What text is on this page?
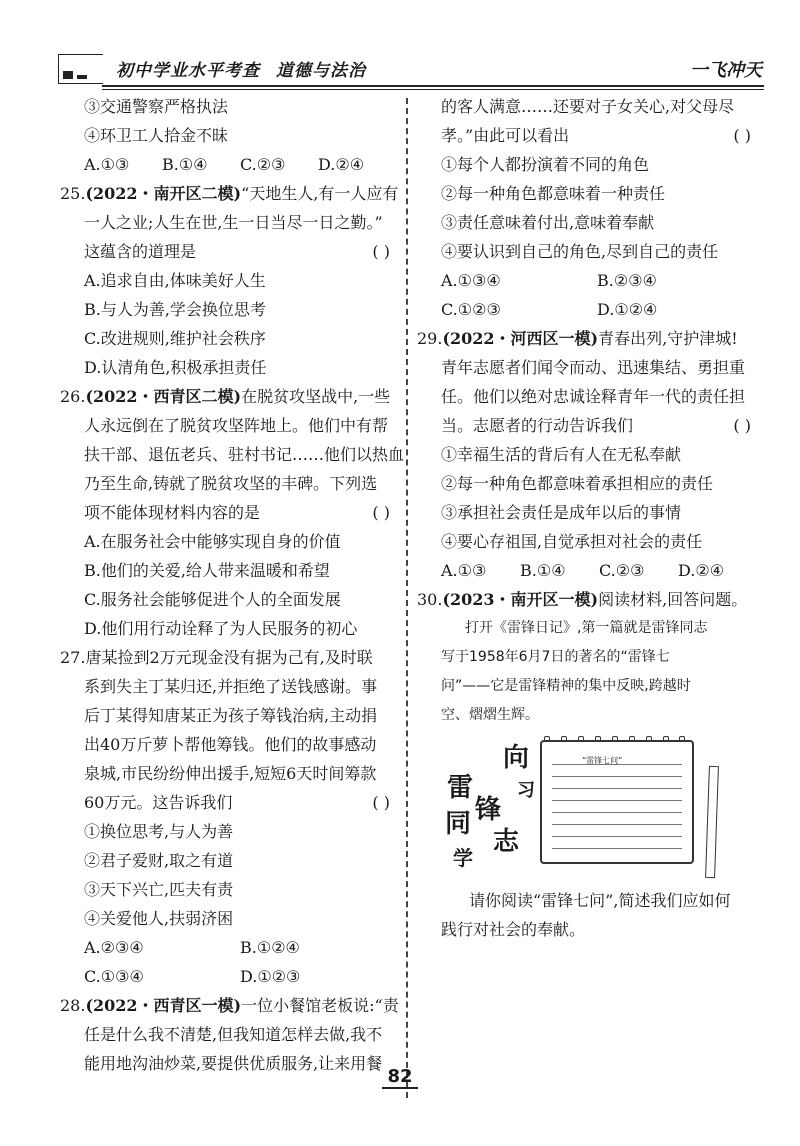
初中学业水平考查 道德与法治	一飞冲天
③交通警察严格执法
④环卫工人拾金不昧
A.①③	B.①④	C.②③	D.②④
25.(2022・南开区二模)“天地生人,有一人应有
一人之业;人生在世,生一日当尽一日之勤。”
这蕴含的道理是	( )
A.追求自由,体味美好人生
B.与人为善,学会换位思考
C.改进规则,维护社会秩序
D.认清角色,积极承担责任
26.(2022・西青区二模)在脱贫攻坚战中,一些
人永远倒在了脱贫攻坚阵地上。他们中有帮
扶干部、退伍老兵、驻村书记……他们以热血
乃至生命,铸就了脱贫攻坚的丰碑。下列选
项不能体现材料内容的是	( )
A.在服务社会中能够实现自身的价值
B.他们的关爱,给人带来温暖和希望
C.服务社会能够促进个人的全面发展
D.他们用行动诠释了为人民服务的初心
27.唐某捡到2万元现金没有据为己有,及时联
系到失主丁某归还,并拒绝了送钱感谢。事
后丁某得知唐某正为孩子筹钱治病,主动捐
出40万斤萝卜帮他筹钱。他们的故事感动
泉城,市民纷纷伸出援手,短短6天时间筹款
60万元。这告诉我们	( )
①换位思考,与人为善
②君子爱财,取之有道
③天下兴亡,匹夫有责
④关爱他人,扶弱济困
A.②③④	B.①②④
C.①③④	D.①②③
28.(2022・西青区一模)一位小餐馆老板说:“责
任是什么我不清楚,但我知道怎样去做,我不
能用地沟油炒菜,要提供优质服务,让来用餐
的客人满意……还要对子女关心,对父母尽
孝。”由此可以看出	( )
①每个人都扮演着不同的角色
②每一种角色都意味着一种责任
③责任意味着付出,意味着奉献
④要认识到自己的角色,尽到自己的责任
A.①③④	B.②③④
C.①②③	D.①②④
29.(2022・河西区一模)青春出列,守护津城!
青年志愿者们闻令而动、迅速集结、勇担重
任。他们以绝对忠诚诠释青年一代的责任担
当。志愿者的行动告诉我们	( )
①幸福生活的背后有人在无私奉献
②每一种角色都意味着承担相应的责任
③承担社会责任是成年以后的事情
④要心存祖国,自觉承担对社会的责任
A.①③	B.①④	C.②③	D.②④
30.(2023・南开区一模)阅读材料,回答问题。
打开《雷锋日记》,第一篇就是雷锋同志
写于1958年6月7日的著名的“雷锋七
问”——它是雷锋精神的集中反映,跨越时
空、熠熠生辉。
向
习
雷
锋
同
志
学
“雷锋七问”
请你阅读“雷锋七问”,简述我们应如何
践行对社会的奉献。
82
